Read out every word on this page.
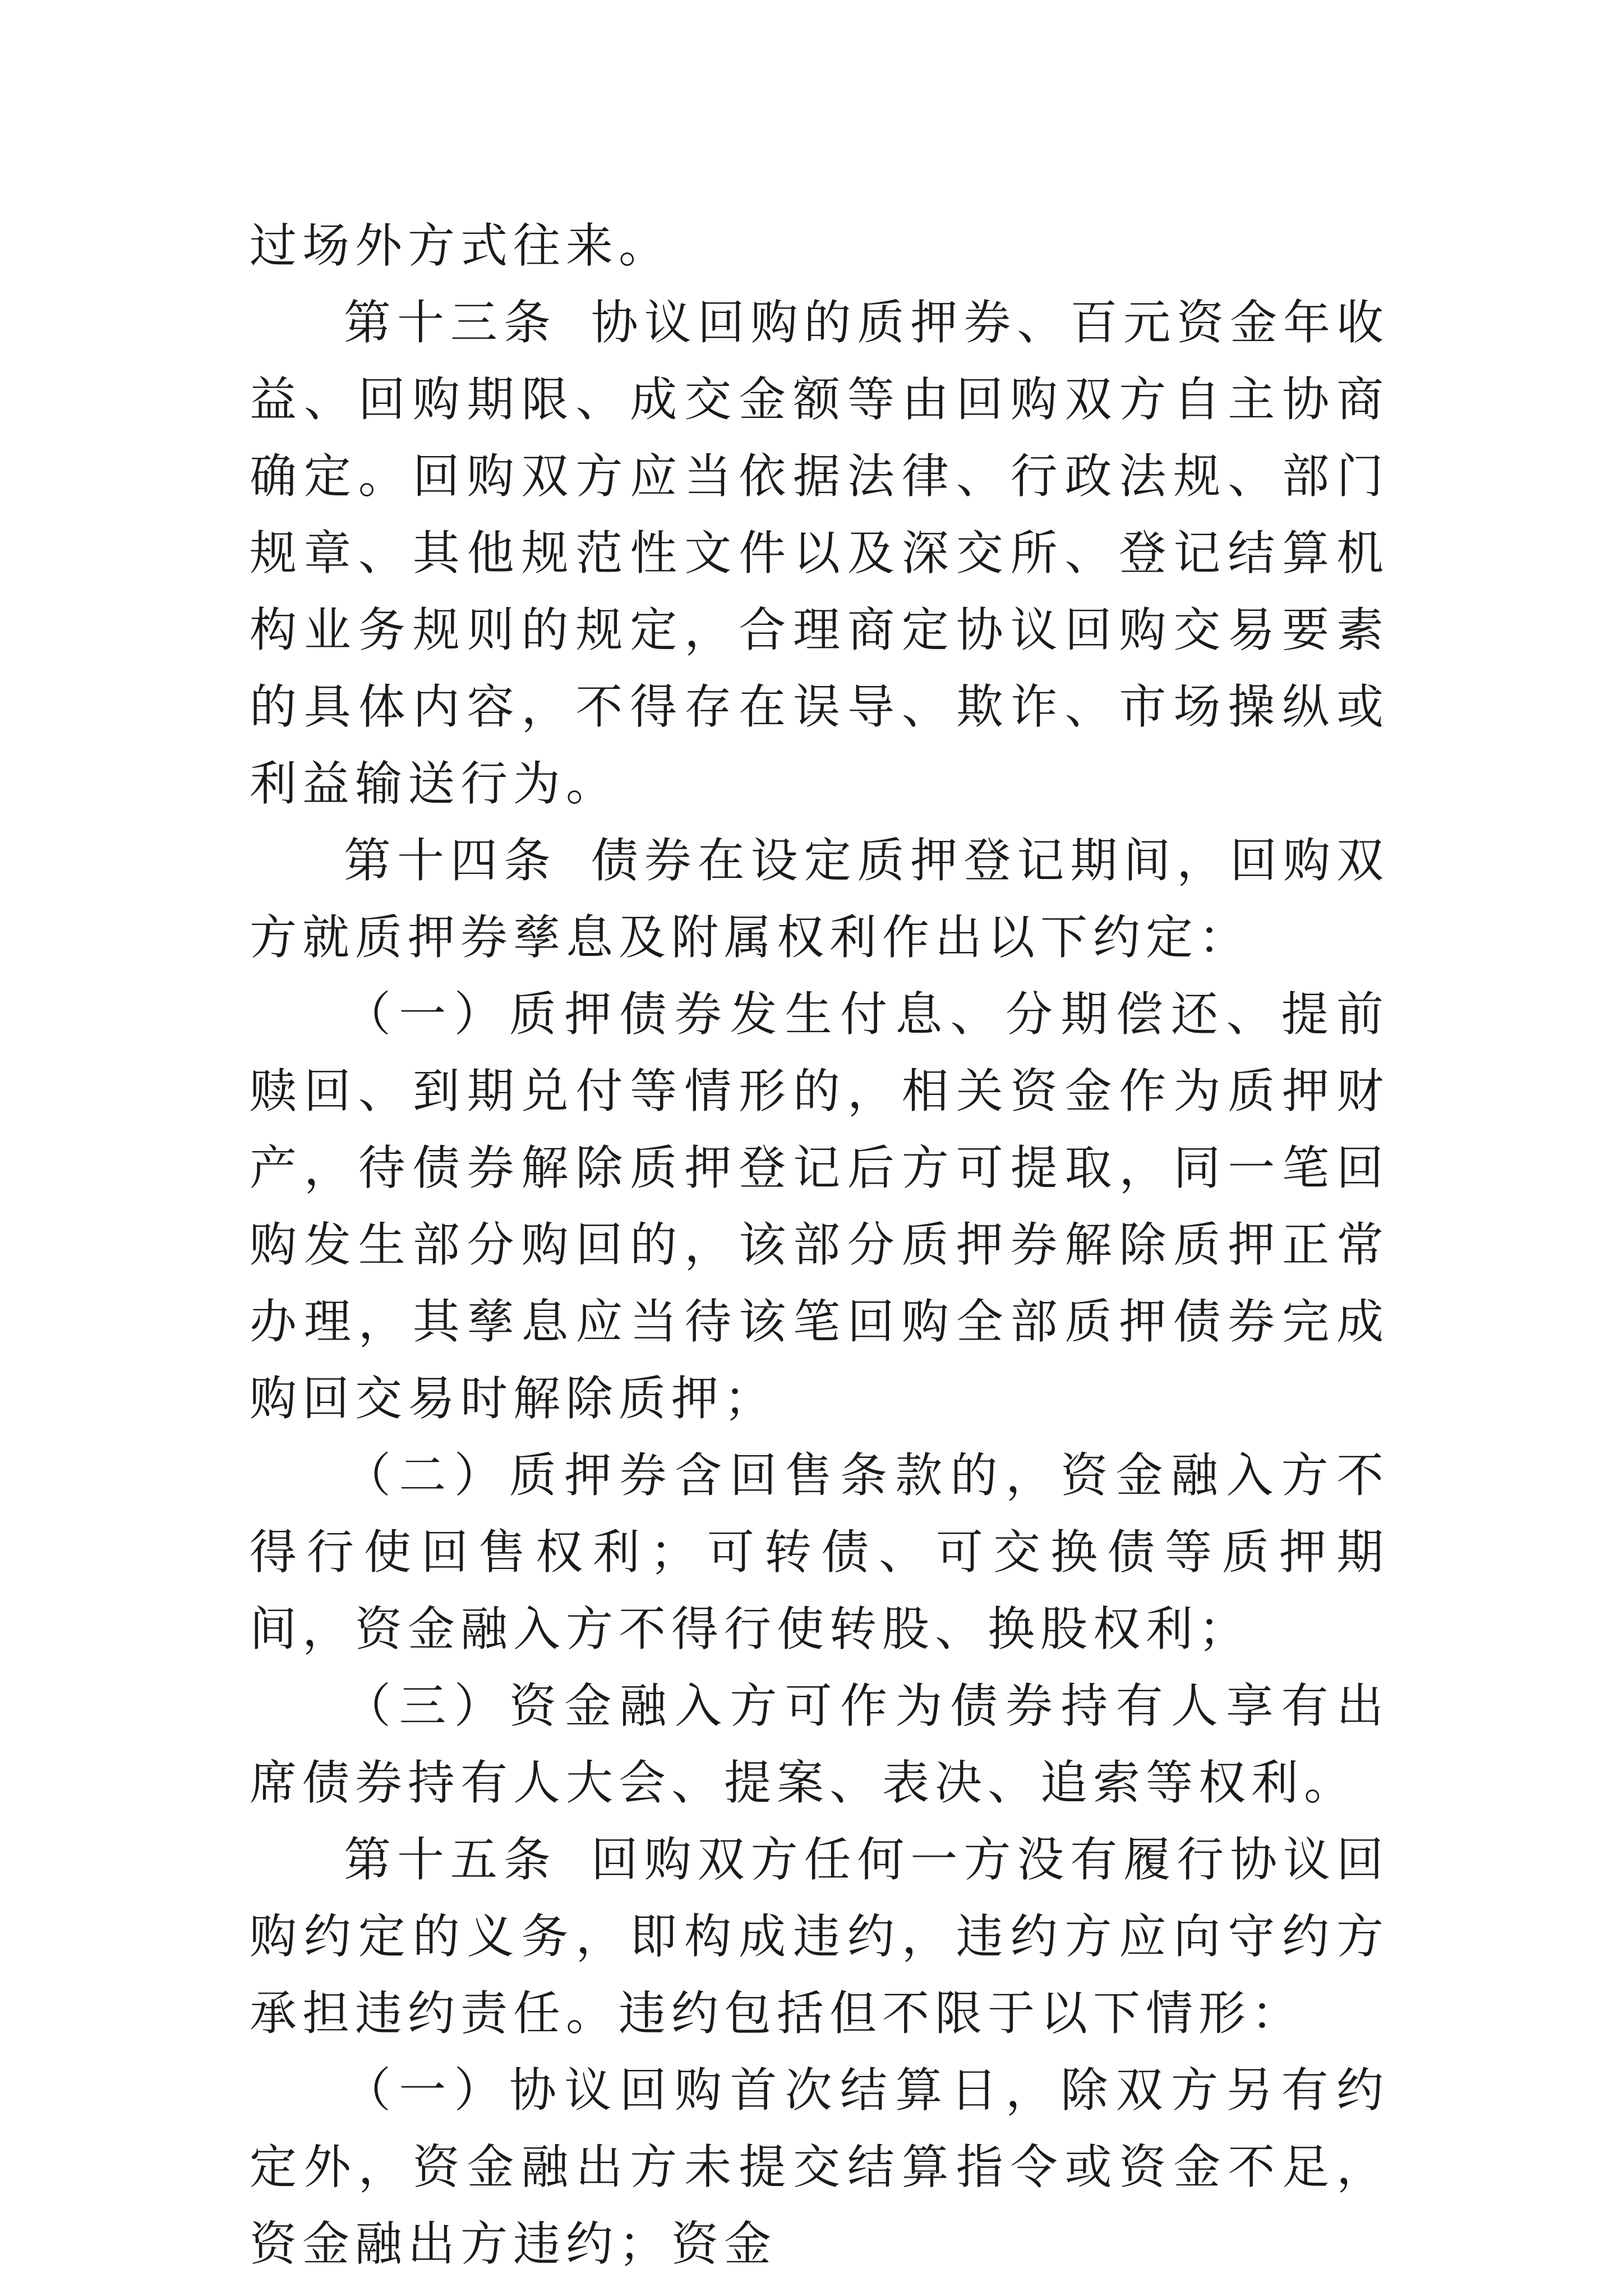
过场外方式往来。

第十三条 协议回购的质押券、百元资金年收益、回购期限、成交金额等由回购双方自主协商确定。回购双方应当依据法律、行政法规、部门规章、其他规范性文件以及深交所、登记结算机构业务规则的规定，合理商定协议回购交易要素的具体内容，不得存在误导、欺诈、市场操纵或利益输送行为。

第十四条 债券在设定质押登记期间，回购双方就质押券孳息及附属权利作出以下约定：

（一）质押债券发生付息、分期偿还、提前赎回、到期兑付等情形的，相关资金作为质押财产，待债券解除质押登记后方可提取，同一笔回购发生部分购回的，该部分质押券解除质押正常办理，其孳息应当待该笔回购全部质押债券完成购回交易时解除质押；

（二）质押券含回售条款的，资金融入方不得行使回售权利；可转债、可交换债等质押期间，资金融入方不得行使转股、换股权利；

（三）资金融入方可作为债券持有人享有出席债券持有人大会、提案、表决、追索等权利。

第十五条 回购双方任何一方没有履行协议回购约定的义务，即构成违约，违约方应向守约方承担违约责任。违约包括但不限于以下情形：

（一）协议回购首次结算日，除双方另有约定外，资金融出方未提交结算指令或资金不足，资金融出方违约；资金
